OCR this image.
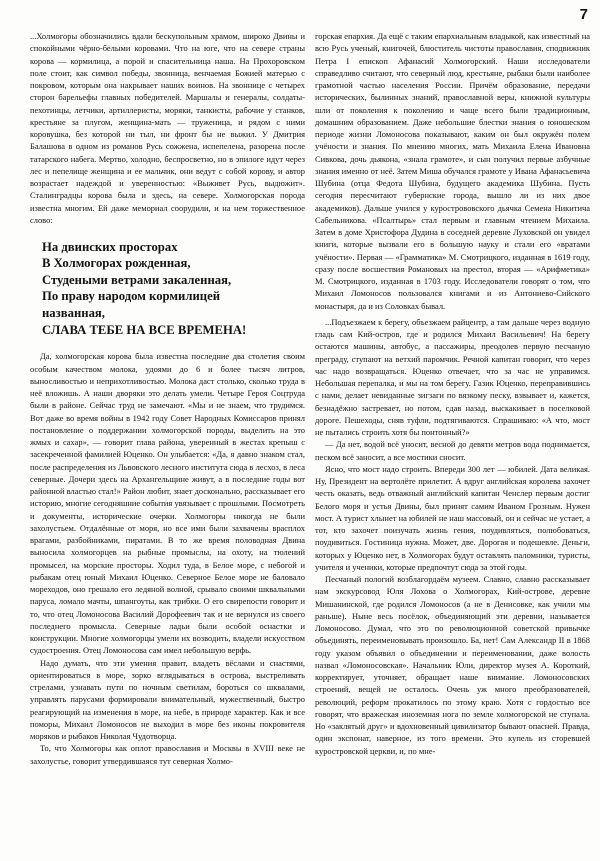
7

...Холмогоры обозначились вдали бескупольным храмом, широко Двины и спокойными чёрно-белыми коровами. Что на юге, что на севере страны корова — кормилица, а порой и спасительница наша. На Прохоровском поле стоит, как символ победы, звонница, венчаемая Божией матерью с покровом, которым она накрывает наших воинов. На звоннице с четырех сторон барельефы главных победителей. Маршалы и генералы, солдаты-пехотинцы, летчики, артиллеристы, моряки, танкисты, рабочие у станков, крестьяне за плугом, женщина-мать — труженица, и рядом с ними коровушка, без которой ни тыл, ни фронт бы не выжил. У Дмитрия Балашова в одном из романов Русь сожжена, испепелена, разорена после татарского набега. Мертво, холодно, беспросветно, но в эпилоге идут через лес и пепелище женщина и ее мальчик, они ведут с собой корову, и автор возрастает надеждой и уверенностью: «Выживет Русь, выдюжит». Сталинградцы корова была и здесь, на севере. Холмогорская порода известна многим. Ей даже мемориал соорудили, и на нем торжественное слово:

На двинских просторах
В Холмогорах рожденная,
Студеными ветрами закаленная,
По праву народом кормилицей
названная,
СЛАВА ТЕБЕ НА ВСЕ ВРЕМЕНА!

Да, холмогорская корова была известна последние два столетия своим особым качеством молока, удоями до 6 и более тысяч литров, выносливостью и неприхотливостью. Молока даст столько, сколько труда в неё вложишь. А наши дворяки это делать умели. Четыре Героя Соцтруда были в районе. Сейчас труд не замечают. «Мы и не знаем, что трудимся. Вот даже во время войны в 1942 году Совет Народных Комиссаров принял постановление о поддержании холмогорской породы, выделить на это жмых и сахар», — говорит глава района, уверенный в жестах крепыш с засекреченной фамилией Юценко. Он улыбается: «Да, я давно знаком стал, после распределения из Львовского лесного института сюда в лесхоз, в леса северные. Дочери здесь на Архангельщине живут, а в последние годы вот районной властью стал!» Район любит, знает досконально, рассказывает его историю, многие сегодняшние события увязывает с прошлыми. Посмотреть и документы, исторические очерки. Холмогоры никогда не были захолустьем. Отдалённые от моря, но все ими были захвачены врасплох врагами, разбойниками, пиратами. В то же время половодная Двина выносила холмогорцев на рыбные промыслы, на охоту, на тюлений промысел, на морские просторы. Ходил туда, в Белое море, с небогой и рыбакам отец юный Михаил Юценко. Северное Белое море не баловало мореходов, оно грешало его ледяной волной, срывало своими шквальными паруса, ломало мачты, шпангоуты, как трибки. О его свирепости говорит и то, что отец Ломоносова Василий Дорофеевич так и не вернулся из своего последнего промысла. Северные ладьи были особой оснастки и конструкции. Многие холмогорцы умели их возводить, владели искусством судостроения. Отец Ломоносова сам имел небольшую верфь.

Надо думать, что эти умения правит, владеть вёслами и снастями, ориентироваться в море, зорко вглядываться в острова, выстреливать стрелами, узнавать пути по ночным светилам, бороться со шквалами, управлять парусами формировали внимательный, мужественный, быстро реагирующий на изменения в море, на небе, в природе характер. Как и все поморы, Михаил Ломоносов не выходил в море без иконы покровителя моряков и рыбаков Николая Чудотворца.

То, что Холмогоры как оплот православия и Москвы в XVIII веке не захолустье, говорит утвердившаяся тут северная Холмо-

горская епархия. Да ещё с таким епархиальным владыкой, как известный на всю Русь ученый, книгочей, блюститель чистоты православия, сподвижник Петра I епископ Афанасий Холмогорский. Наши исследователи справедливо считают, что северный люд, крестьяне, рыбаки были наиболее грамотной частью населения России. Причём образование, передачи исторических, былинных знаний, православной веры, книжной культуры шли от поколения к поколению и чаще всего были традиционным, домашним образованием. Даже небольшие блестки знания о юношеском периоде жизни Ломоносова показывают, каким он был окружён полем учёности и знания. По мнению многих, мать Михаила Елена Ивановна Сивкова, дочь дьякона, «знала грамоте», и сын получил первые азбучные знания именно от неё. Затем Миша обучался грамоте у Ивана Афанасьевича Шубина (отца Федота Шубина, будущего академика Шубина. Пусть сегодня пересчитают губернские города, вышло ли из них двое академиков). Дальше учился у курострововского дьячка Семена Никитича Сабельникова. «Псалтырь» стал первым и главным чтением Михаила. Затем в доме Христофора Дудина в соседней деревне Луховской он увидел книги, которые вызвали его в большую науку и стали его «вратами учёности». Первая — «Грамматика» М. Смотрицкого, изданная в 1619 году, сразу после восшествия Романовых на престол, вторая — «Арифметика» М. Смотрицкого, изданная в 1703 году. Исследователи говорят о том, что Михаил Ломоносов пользовался книгами и из Антониево-Сийского монастыря, да и из Соловках бывал.

...Подъезжаем к берегу, объезжаем райцентр, а там дальше через водную гладь сам Кий-остров, где и родился Михаил Васильевич! На берегу остаются машины, автобус, а пассажиры, преодолев первую песчаную преграду, ступают на ветхий паромчик. Речной капитан говорит, что через час надо возвращаться. Юценко отвечает, что за час не управимся. Небольшая перепалка, и мы на том берегу. Газик Юценко, переправившись с нами, делает невиданные зигзаги по вязкому песку, взвывает и, кажется, безнадёжно застревает, но потом, сдав назад, выскакивает в поселковой дороге. Пешеходы, сняв туфли, подтягиваются. Спрашиваю: «А что, мост не пытались строить хотя бы понтонный?»

— Да нет, водой всё уносит, весной до девяти метров вода поднимается, песком всё заносит, а все мостики сносит.

Ясно, что мост надо строить. Впереди 300 лет — юбилей. Дата великая. Ну, Президент на вертолёте прилетит. А вдруг английская королева захочет честь оказать, ведь отважный английский капитан Ченслер первым достиг Белого моря и устья Двины, был принят самим Иваном Грозным. Нужен мост. А турист хлынет на юбилей не наш массовый, он и сейчас не устает, а тот, кто захочет поизучать жизнь гения, поудивляться, полюбоваться, поудивиться. Гостиница нужна. Может, две. Дорогая и подешевле. Деньги, которых у Юценко нет, в Холмогорах будут оставлять паломники, туристы, учителя и ученики, которые предпочтут сюда за этой годы.

Песчаный пологий возблагордаём музеем. Славно, славно рассказывает нам экскурсовод Юля Лохова о Холмогорах, Кий-острове, деревне Мишанинской, где родился Ломоносов (а не в Денисовке, как учили мы раньше). Ныне весь посёлок, объединяющий эти деревни, называется Ломоносово. Думал, что это по революционной советской привычке объединять, переименовывать произошло. Ба, нет! Сам Александр II в 1868 году указом объявил о объединении и переименовании, даже волость назвал «Ломоносовская». Начальник Юли, директор музея А. Короткий, корректирует, уточняет, обращает наше внимание. Ломоносовских строений, вещей не осталось. Очень уж много преобразователей, революций, реформ прокатилось по этому краю. Хотя с гордостью все говорят, что вражеская иноземная нога по земле холмогорской не ступала. Но «заклятый друг» и вдохновенный цивилизатор бывают опасней. Правда, один экспонат, наверное, из того времени. Это купель из сторевшей куростровской церкви, и, по мне-
